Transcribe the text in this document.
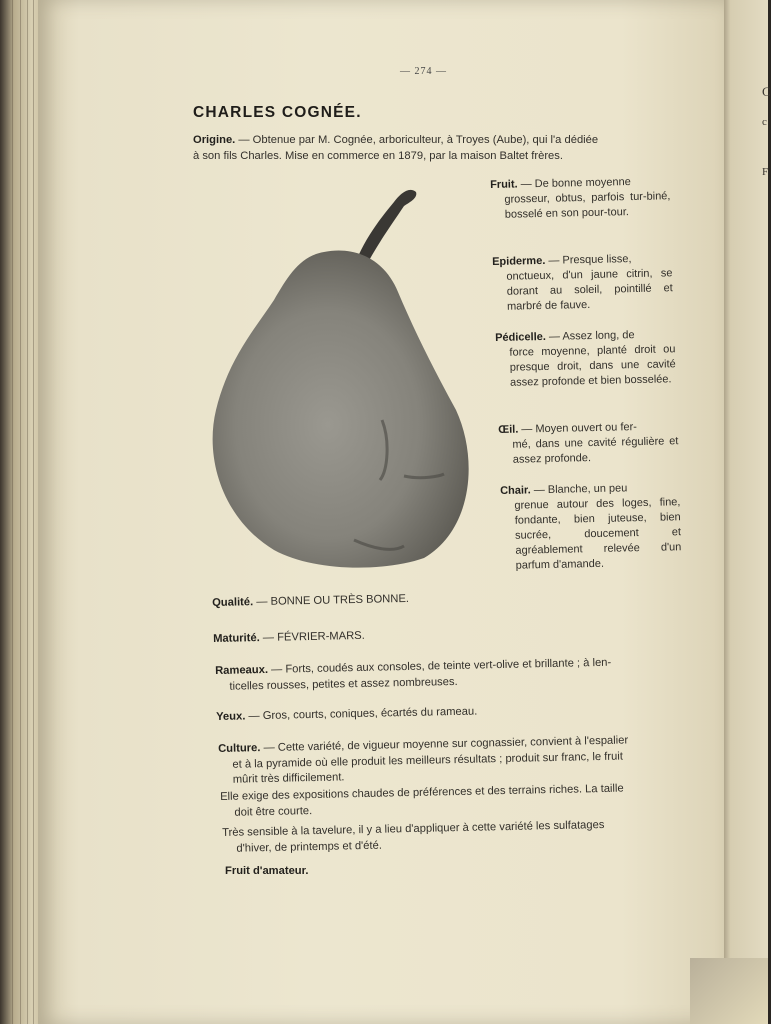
C
c
F
— 274 —
CHARLES COGNÉE.
Origine. — Obtenue par M. Cognée, arboriculteur, à Troyes (Aube), qui l'a dédiée
à son fils Charles. Mise en commerce en 1879, par la maison Baltet frères.
Fruit. — De bonne moyenne
grosseur, obtus, parfois tur-biné, bosselé en son pour-tour.
Epiderme. — Presque lisse,
onctueux, d'un jaune citrin, se dorant au soleil, pointillé et marbré de fauve.
Pédicelle. — Assez long, de
force moyenne, planté droit ou presque droit, dans une cavité assez profonde et bien bosselée.
Œil. — Moyen ouvert ou fer-
mé, dans une cavité régulière et assez profonde.
Chair. — Blanche, un peu
grenue autour des loges, fine, fondante, bien juteuse, bien sucrée, doucement et agréablement relevée d'un parfum d'amande.
Qualité. — BONNE OU TRÈS BONNE.
Maturité. — FÉVRIER-MARS.
Rameaux. — Forts, coudés aux consoles, de teinte vert-olive et brillante ; à len-
ticelles rousses, petites et assez nombreuses.
Yeux. — Gros, courts, coniques, écartés du rameau.
Culture. — Cette variété, de vigueur moyenne sur cognassier, convient à l'espalier
et à la pyramide où elle produit les meilleurs résultats ; produit sur franc, le fruit
mûrit très difficilement.
Elle exige des expositions chaudes de préférences et des terrains riches. La taille
doit être courte.
Très sensible à la tavelure, il y a lieu d'appliquer à cette variété les sulfatages
d'hiver, de printemps et d'été.
Fruit d'amateur.
